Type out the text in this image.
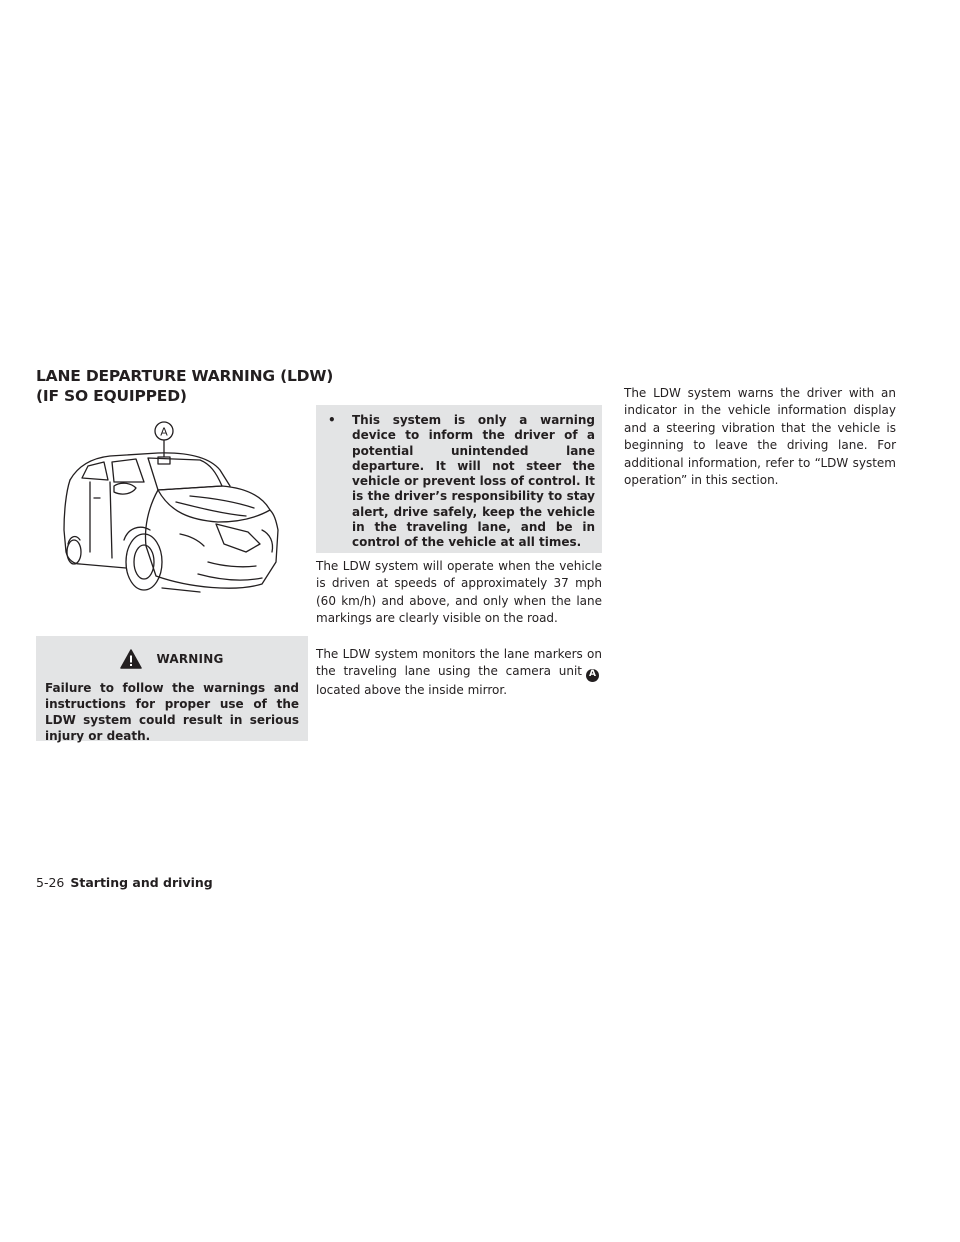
LANE DEPARTURE WARNING (LDW)
(IF SO EQUIPPED)
A
WARNING
Failure to follow the warnings and instructions for proper use of the LDW system could result in serious injury or death.
•	This system is only a warning device to inform the driver of a potential unintended lane departure. It will not steer the vehicle or prevent loss of control. It is the driver’s responsibility to stay alert, drive safely, keep the vehicle in the traveling lane, and be in control of the vehicle at all times.
The LDW system will operate when the vehicle is driven at speeds of approximately 37 mph (60 km/h) and above, and only when the lane markings are clearly visible on the road.
The LDW system monitors the lane markers on the traveling lane using the camera unit Alocated above the inside mirror.
The LDW system warns the driver with an indicator in the vehicle information display and a steering vibration that the vehicle is beginning to leave the driving lane. For additional information, refer to “LDW system operation” in this section.
5-26 Starting and driving
